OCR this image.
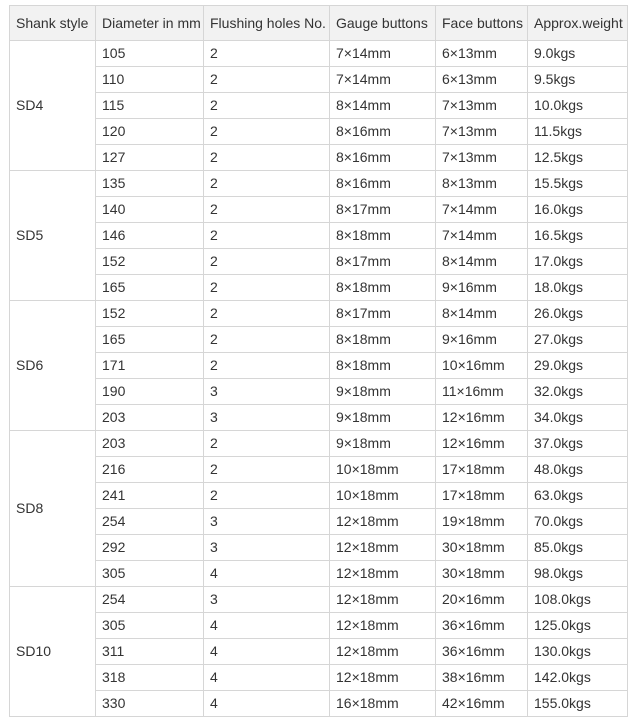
Shank style	Diameter in mm	Flushing holes No.	Gauge buttons	Face buttons	Approx.weight
SD4	105	2	7×14mm	6×13mm	9.0kgs
	110	2	7×14mm	6×13mm	9.5kgs
	115	2	8×14mm	7×13mm	10.0kgs
	120	2	8×16mm	7×13mm	11.5kgs
	127	2	8×16mm	7×13mm	12.5kgs
SD5	135	2	8×16mm	8×13mm	15.5kgs
	140	2	8×17mm	7×14mm	16.0kgs
	146	2	8×18mm	7×14mm	16.5kgs
	152	2	8×17mm	8×14mm	17.0kgs
	165	2	8×18mm	9×16mm	18.0kgs
SD6	152	2	8×17mm	8×14mm	26.0kgs
	165	2	8×18mm	9×16mm	27.0kgs
	171	2	8×18mm	10×16mm	29.0kgs
	190	3	9×18mm	11×16mm	32.0kgs
	203	3	9×18mm	12×16mm	34.0kgs
SD8	203	2	9×18mm	12×16mm	37.0kgs
	216	2	10×18mm	17×18mm	48.0kgs
	241	2	10×18mm	17×18mm	63.0kgs
	254	3	12×18mm	19×18mm	70.0kgs
	292	3	12×18mm	30×18mm	85.0kgs
	305	4	12×18mm	30×18mm	98.0kgs
SD10	254	3	12×18mm	20×16mm	108.0kgs
	305	4	12×18mm	36×16mm	125.0kgs
	311	4	12×18mm	36×16mm	130.0kgs
	318	4	12×18mm	38×16mm	142.0kgs
	330	4	16×18mm	42×16mm	155.0kgs
